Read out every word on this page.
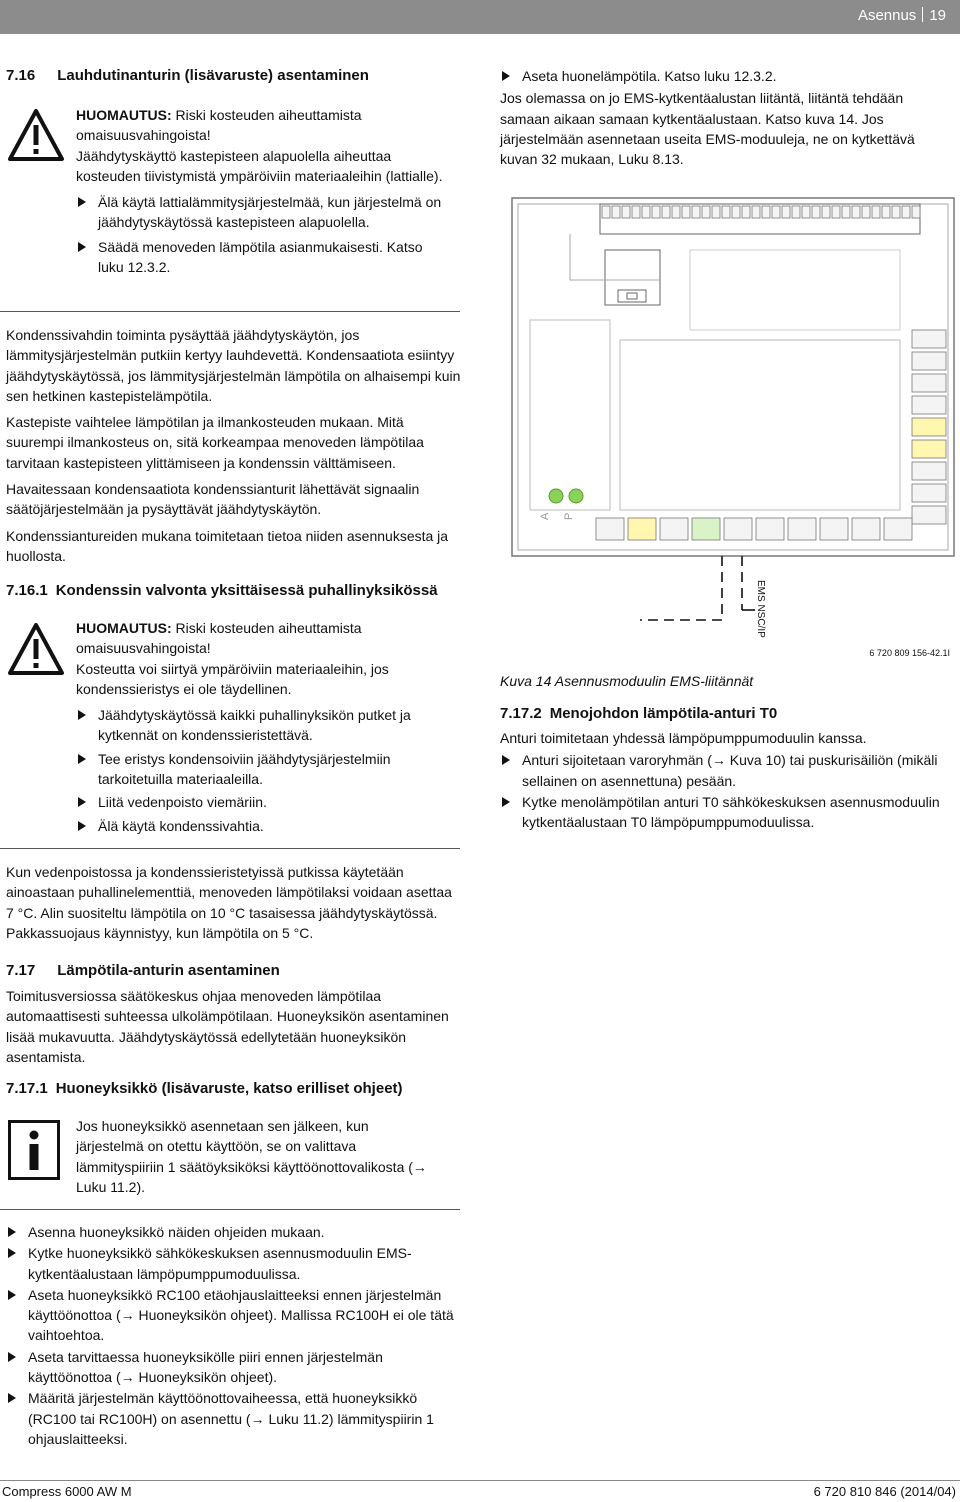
Asennus 19
7.16 Lauhdutinanturin (lisävaruste) asentaminen

HUOMAUTUS: Riski kosteuden aiheuttamista omaisuusvahingoista!

Jäähdytyskäyttö kastepisteen alapuolella aiheuttaa kosteuden tiivistymistä ympäröiviin materiaaleihin (lattialle).

Älä käytä lattialämmitysjärjestelmää, kun järjestelmä on jäähdytyskäytössä kastepisteen alapuolella.
Säädä menoveden lämpötila asianmukaisesti. Katso luku 12.3.2.

Kondenssivahdin toiminta pysäyttää jäähdytyskäytön, jos lämmitysjärjestelmän putkiin kertyy lauhdevettä. Kondensaatiota esiintyy jäähdytyskäytössä, jos lämmitysjärjestelmän lämpötila on alhaisempi kuin sen hetkinen kastepistelämpötila.

Kastepiste vaihtelee lämpötilan ja ilmankosteuden mukaan. Mitä suurempi ilmankosteus on, sitä korkeampaa menoveden lämpötilaa tarvitaan kastepisteen ylittämiseen ja kondenssin välttämiseen.

Havaitessaan kondensaatiota kondenssianturit lähettävät signaalin säätöjärjestelmään ja pysäyttävät jäähdytyskäytön.

Kondenssiantureiden mukana toimitetaan tietoa niiden asennuksesta ja huollosta.

7.16.1 Kondenssin valvonta yksittäisessä puhallinyksikössä

HUOMAUTUS: Riski kosteuden aiheuttamista omaisuusvahingoista!

Kosteutta voi siirtyä ympäröiviin materiaaleihin, jos kondenssieristys ei ole täydellinen.

Jäähdytyskäytössä kaikki puhallinyksikön putket ja kytkennät on kondenssieristettävä.
Tee eristys kondensoiviin jäähdytysjärjestelmiin tarkoitetuilla materiaaleilla.
Liitä vedenpoisto viemäriin.
Älä käytä kondenssivahtia.

Kun vedenpoistossa ja kondenssieristetyissä putkissa käytetään ainoastaan puhallinelementtiä, menoveden lämpötilaksi voidaan asettaa 7 °C. Alin suositeltu lämpötila on 10 °C tasaisessa jäähdytyskäytössä. Pakkassuojaus käynnistyy, kun lämpötila on 5 °C.

7.17 Lämpötila-anturin asentaminen

Toimitusversiossa säätökeskus ohjaa menoveden lämpötilaa automaattisesti suhteessa ulkolämpötilaan. Huoneyksikön asentaminen lisää mukavuutta. Jäähdytyskäytössä edellytetään huoneyksikön asentamista.

7.17.1 Huoneyksikkö (lisävaruste, katso erilliset ohjeet)

Jos huoneyksikkö asennetaan sen jälkeen, kun järjestelmä on otettu käyttöön, se on valittava lämmityspiiriin 1 säätöyksiköksi käyttöönottovalikosta (→ Luku 11.2).

Asenna huoneyksikkö näiden ohjeiden mukaan.
Kytke huoneyksikkö sähkökeskuksen asennusmoduulin EMS-kytkentäalustaan lämpöpumppumoduulissa.
Aseta huoneyksikkö RC100 etäohjauslaitteeksi ennen järjestelmän käyttöönottoa (→ Huoneyksikön ohjeet). Mallissa RC100H ei ole tätä vaihtoehtoa.
Aseta tarvittaessa huoneyksikölle piiri ennen järjestelmän käyttöönottoa (→ Huoneyksikön ohjeet).
Määritä järjestelmän käyttöönottovaiheessa, että huoneyksikkö (RC100 tai RC100H) on asennettu (→ Luku 11.2) lämmityspiirin 1 ohjauslaitteeksi.
Aseta huonelämpötila. Katso luku 12.3.2.

Jos olemassa on jo EMS-kytkentäalustan liitäntä, liitäntä tehdään samaan aikaan samaan kytkentäalustaan. Katso kuva 14. Jos järjestelmään asennetaan useita EMS-moduuleja, ne on kytkettävä kuvan 32 mukaan, Luku 8.13.

A P
EMS NSC/IP
6 720 809 156-42.1I
Kuva 14 Asennusmoduulin EMS-liitännät
7.17.2 Menojohdon lämpötila-anturi T0

Anturi toimitetaan yhdessä lämpöpumppumoduulin kanssa.

Anturi sijoitetaan varoryhmän (→ Kuva 10) tai puskurisäiliön (mikäli sellainen on asennettuna) pesään.
Kytke menolämpötilan anturi T0 sähkökeskuksen asennusmoduulin kytkentäalustaan T0 lämpöpumppumoduulissa.
Compress 6000 AW M	6 720 810 846 (2014/04)
